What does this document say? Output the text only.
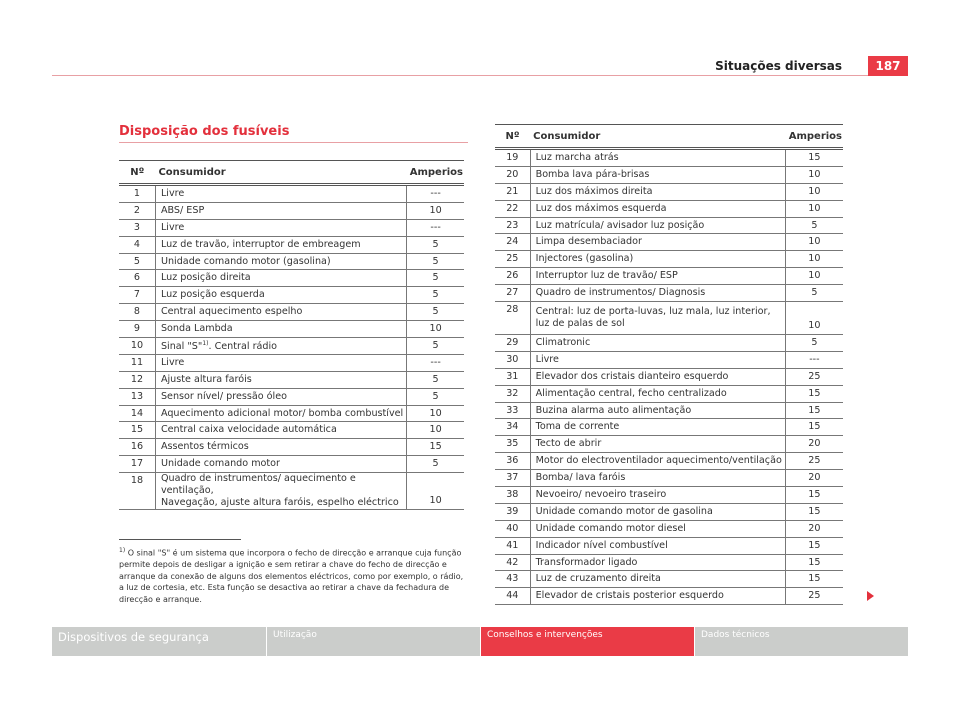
Situações diversas	187
Disposição dos fusíveis
Nº	Consumidor	Amperios
1	Livre	---
2	ABS/ ESP	10
3	Livre	---
4	Luz de travão, interruptor de embreagem	5
5	Unidade comando motor (gasolina)	5
6	Luz posição direita	5
7	Luz posição esquerda	5
8	Central aquecimento espelho	5
9	Sonda Lambda	10
10	Sinal "S"$^{1)}$. Central rádio	5
11	Livre	---
12	Ajuste altura faróis	5
13	Sensor nível/ pressão óleo	5
14	Aquecimento adicional motor/ bomba combustível	10
15	Central caixa velocidade automática	10
16	Assentos térmicos	15
17	Unidade comando motor	5
18	Quadro de instrumentos/ aquecimento e ventilação,
Navegação, ajuste altura faróis, espelho eléctrico	10
Nº	Consumidor	Amperios
19	Luz marcha atrás	15
20	Bomba lava pára-brisas	10
21	Luz dos máximos direita	10
22	Luz dos máximos esquerda	10
23	Luz matrícula/ avisador luz posição	5
24	Limpa desembaciador	10
25	Injectores (gasolina)	10
26	Interruptor luz de travão/ ESP	10
27	Quadro de instrumentos/ Diagnosis	5
28	Central: luz de porta-luvas, luz mala, luz interior,
luz de palas de sol	10
29	Climatronic	5
30	Livre	---
31	Elevador dos cristais dianteiro esquerdo	25
32	Alimentação central, fecho centralizado	15
33	Buzina alarma auto alimentação	15
34	Toma de corrente	15
35	Tecto de abrir	20
36	Motor do electroventilador aquecimento/ventilação	25
37	Bomba/ lava faróis	20
38	Nevoeiro/ nevoeiro traseiro	15
39	Unidade comando motor de gasolina	15
40	Unidade comando motor diesel	20
41	Indicador nível combustível	15
42	Transformador ligado	15
43	Luz de cruzamento direita	15
44	Elevador de cristais posterior esquerdo	25
$^{1)}$ O sinal "S" é um sistema que incorpora o fecho de direcção e arranque cuja função permite depois de desligar a ignição e sem retirar a chave do fecho de direcção e arranque da conexão de alguns dos elementos eléctricos, como por exemplo, o rádio, a luz de cortesia, etc. Esta função se desactiva ao retirar a chave da fechadura de direcção e arranque.
Dispositivos de segurança	Utilização	Conselhos e intervenções	Dados técnicos
